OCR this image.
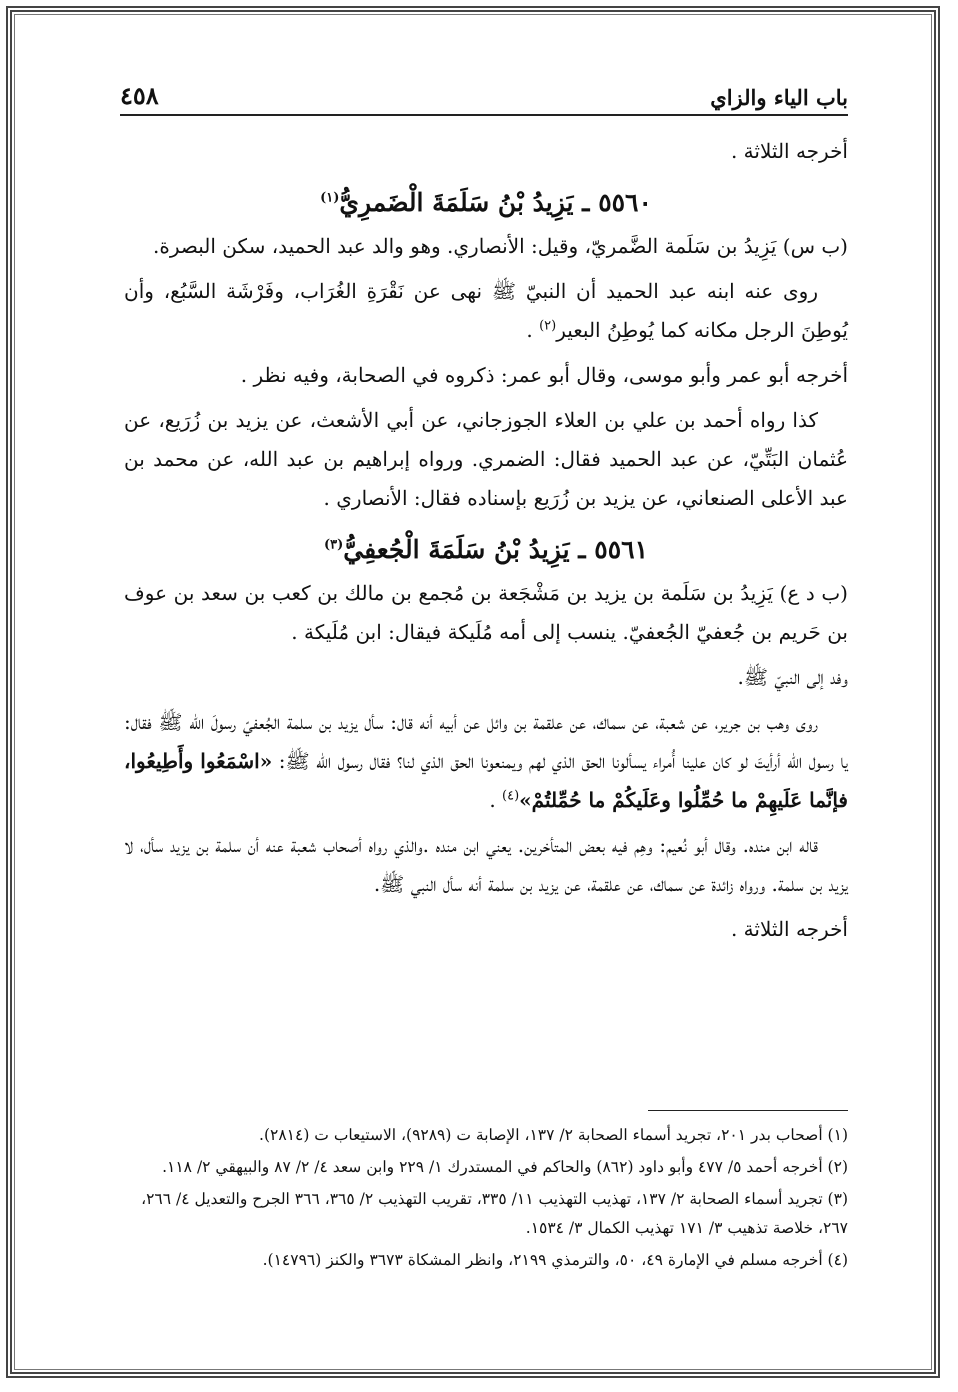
باب الياء والزاي
٤٥٨

أخرجه الثلاثة .

٥٥٦٠ ـ يَزِيدُ بْنُ سَلَمَةَ الْضَمرِيُّ$^{(١)}$

(ب س) يَزِيدُ بن سَلَمة الضَّمريّ، وقيل: الأنصاري. وهو والد عبد الحميد، سكن البصرة.

روى عنه ابنه عبد الحميد أن النبيّ ﷺ نهى عن نَقْرَةِ الغُرَاب، وفَرْشَة السَّبُع، وأن يُوطِنَ الرجل مكانه كما يُوطِنُ البعير$^{(٢)}$ .

أخرجه أبو عمر وأبو موسى، وقال أبو عمر: ذكروه في الصحابة، وفيه نظر .

كذا رواه أحمد بن علي بن العلاء الجوزجاني، عن أبي الأشعث، عن يزيد بن زُرَيع، عن عُثمان البَتِّيّ، عن عبد الحميد فقال: الضمري. ورواه إبراهيم بن عبد الله، عن محمد بن عبد الأعلى الصنعاني، عن يزيد بن زُرَيع بإسناده فقال: الأنصاري .

٥٥٦١ ـ يَزِيدُ بْنُ سَلَمَةَ الْجُعفِيُّ$^{(٣)}$

(ب د ع) يَزِيدُ بن سَلَمة بن يزيد بن مَشْجَعة بن مُجمع بن مالك بن كعب بن سعد بن عوف بن حَريم بن جُعفيّ الجُعفيّ. ينسب إلى أمه مُلَيكة فيقال: ابن مُلَيكة .

وفد إلى النبيّ ﷺ.

روى وهب بن جرير، عن شعبة، عن سماك، عن علقمة بن وائل عن أبيه أنه قال: سأل يزيد بن سلمة الجُعفيّ رسولَ الله ﷺ فقال: يا رسول الله أرأيتَ لو كان علينا أُمراء يسألونا الحق الذي لهم ويمنعونا الحق الذي لنا؟ فقال رسول الله ﷺ: «اسْمَعُوا وأَطِيعُوا، فإنَّما عَلَيهِمْ ما حُمِّلُوا وعَلَيكُمْ ما حُمِّلتُمْ»$^{(٤)}$ .

قاله ابن منده. وقال أبو نُعيم: وهِم فيه بعض المتأخرين. يعني ابن منده .والذي رواه أصحاب شعبة عنه أن سلمة بن يزيد سأل، لا يزيد بن سلمة. ورواه زائدة عن سماك، عن علقمة، عن يزيد بن سلمة أنه سأل النبي ﷺ.

أخرجه الثلاثة .

(١) أصحاب بدر ٢٠١، تجريد أسماء الصحابة ٢/ ١٣٧، الإصابة ت (٩٢٨٩)، الاستيعاب ت (٢٨١٤).

(٢) أخرجه أحمد ٥/ ٤٧٧ وأبو داود (٨٦٢) والحاكم في المستدرك ١/ ٢٢٩ وابن سعد ٤/ ٢/ ٨٧ والبيهقي ٢/ ١١٨.

(٣) تجريد أسماء الصحابة ٢/ ١٣٧، تهذيب التهذيب ١١/ ٣٣٥، تقريب التهذيب ٢/ ٣٦٥، ٣٦٦ الجرح والتعديل ٤/ ٢٦٦، ٢٦٧، خلاصة تذهيب ٣/ ١٧١ تهذيب الكمال ٣/ ١٥٣٤.

(٤) أخرجه مسلم في الإمارة ٤٩، ٥٠، والترمذي ٢١٩٩، وانظر المشكاة ٣٦٧٣ والكنز (١٤٧٩٦).
